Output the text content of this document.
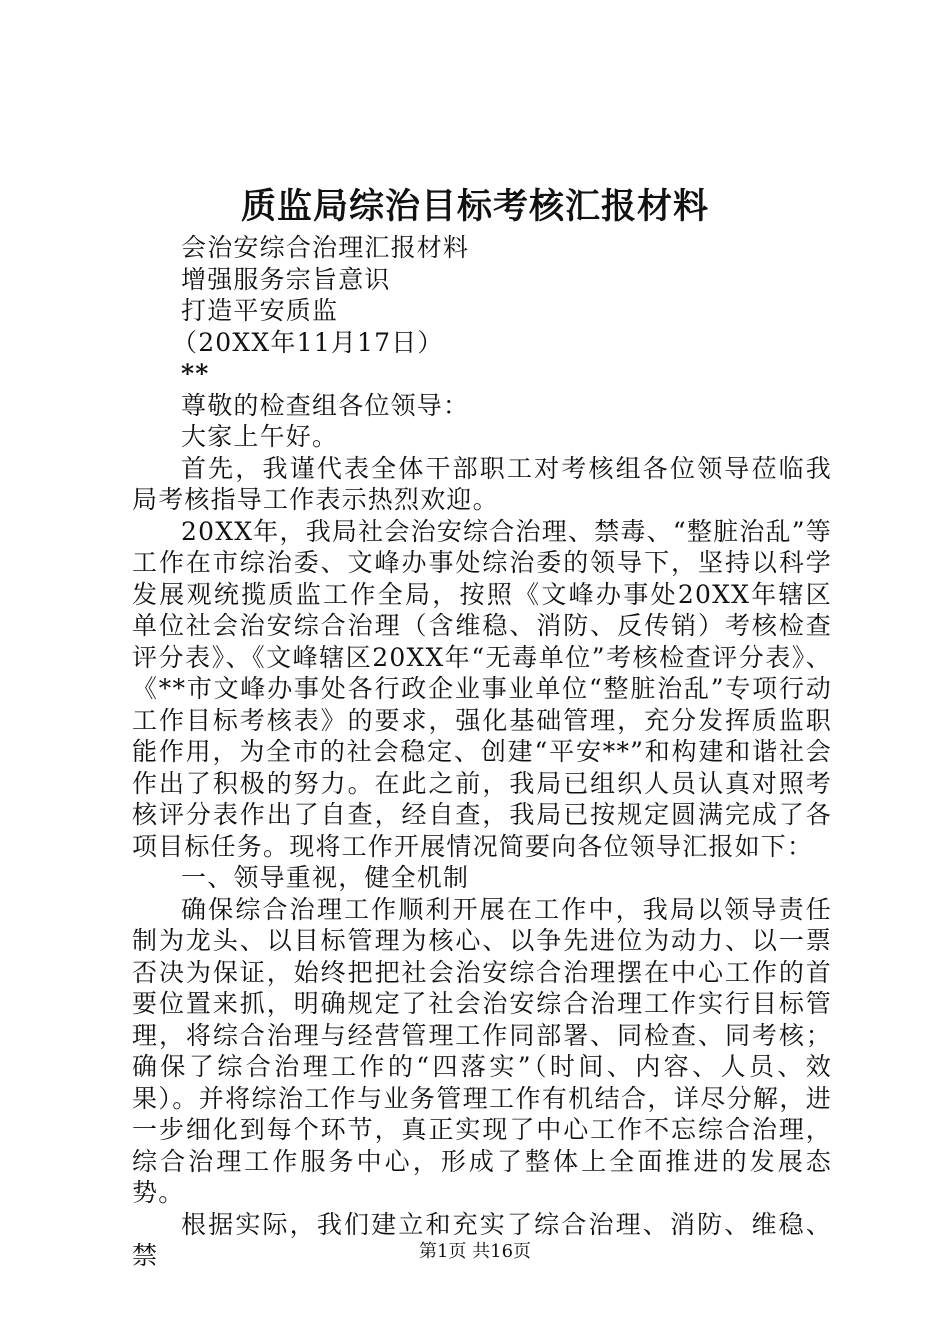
质监局综治目标考核汇报材料

会治安综合治理汇报材料

增强服务宗旨意识

打造平安质监

（20XX年11月17日）

**

尊敬的检查组各位领导：

大家上午好。

首先，我谨代表全体干部职工对考核组各位领导莅临我局考核指导工作表示热烈欢迎。

20XX年，我局社会治安综合治理、禁毒、“整脏治乱”等工作在市综治委、文峰办事处综治委的领导下，坚持以科学发展观统揽质监工作全局，按照《文峰办事处20XX年辖区单位社会治安综合治理（含维稳、消防、反传销）考核检查评分表》、《文峰辖区20XX年“无毒单位”考核检查评分表》、《**市文峰办事处各行政企业事业单位“整脏治乱”专项行动工作目标考核表》的要求，强化基础管理，充分发挥质监职能作用，为全市的社会稳定、创建“平安**”和构建和谐社会作出了积极的努力。在此之前，我局已组织人员认真对照考核评分表作出了自查，经自查，我局已按规定圆满完成了各项目标任务。现将工作开展情况简要向各位领导汇报如下：

一、领导重视，健全机制

确保综合治理工作顺利开展在工作中，我局以领导责任制为龙头、以目标管理为核心、以争先进位为动力、以一票否决为保证，始终把把社会治安综合治理摆在中心工作的首要位置来抓，明确规定了社会治安综合治理工作实行目标管理，将综合治理与经营管理工作同部署、同检查、同考核；确保了综合治理工作的“四落实”（时间、内容、人员、效果）。并将综治工作与业务管理工作有机结合，详尽分解，进一步细化到每个环节，真正实现了中心工作不忘综合治理，综合治理工作服务中心，形成了整体上全面推进的发展态势。

根据实际，我们建立和充实了综合治理、消防、维稳、禁	第1页 共16页
